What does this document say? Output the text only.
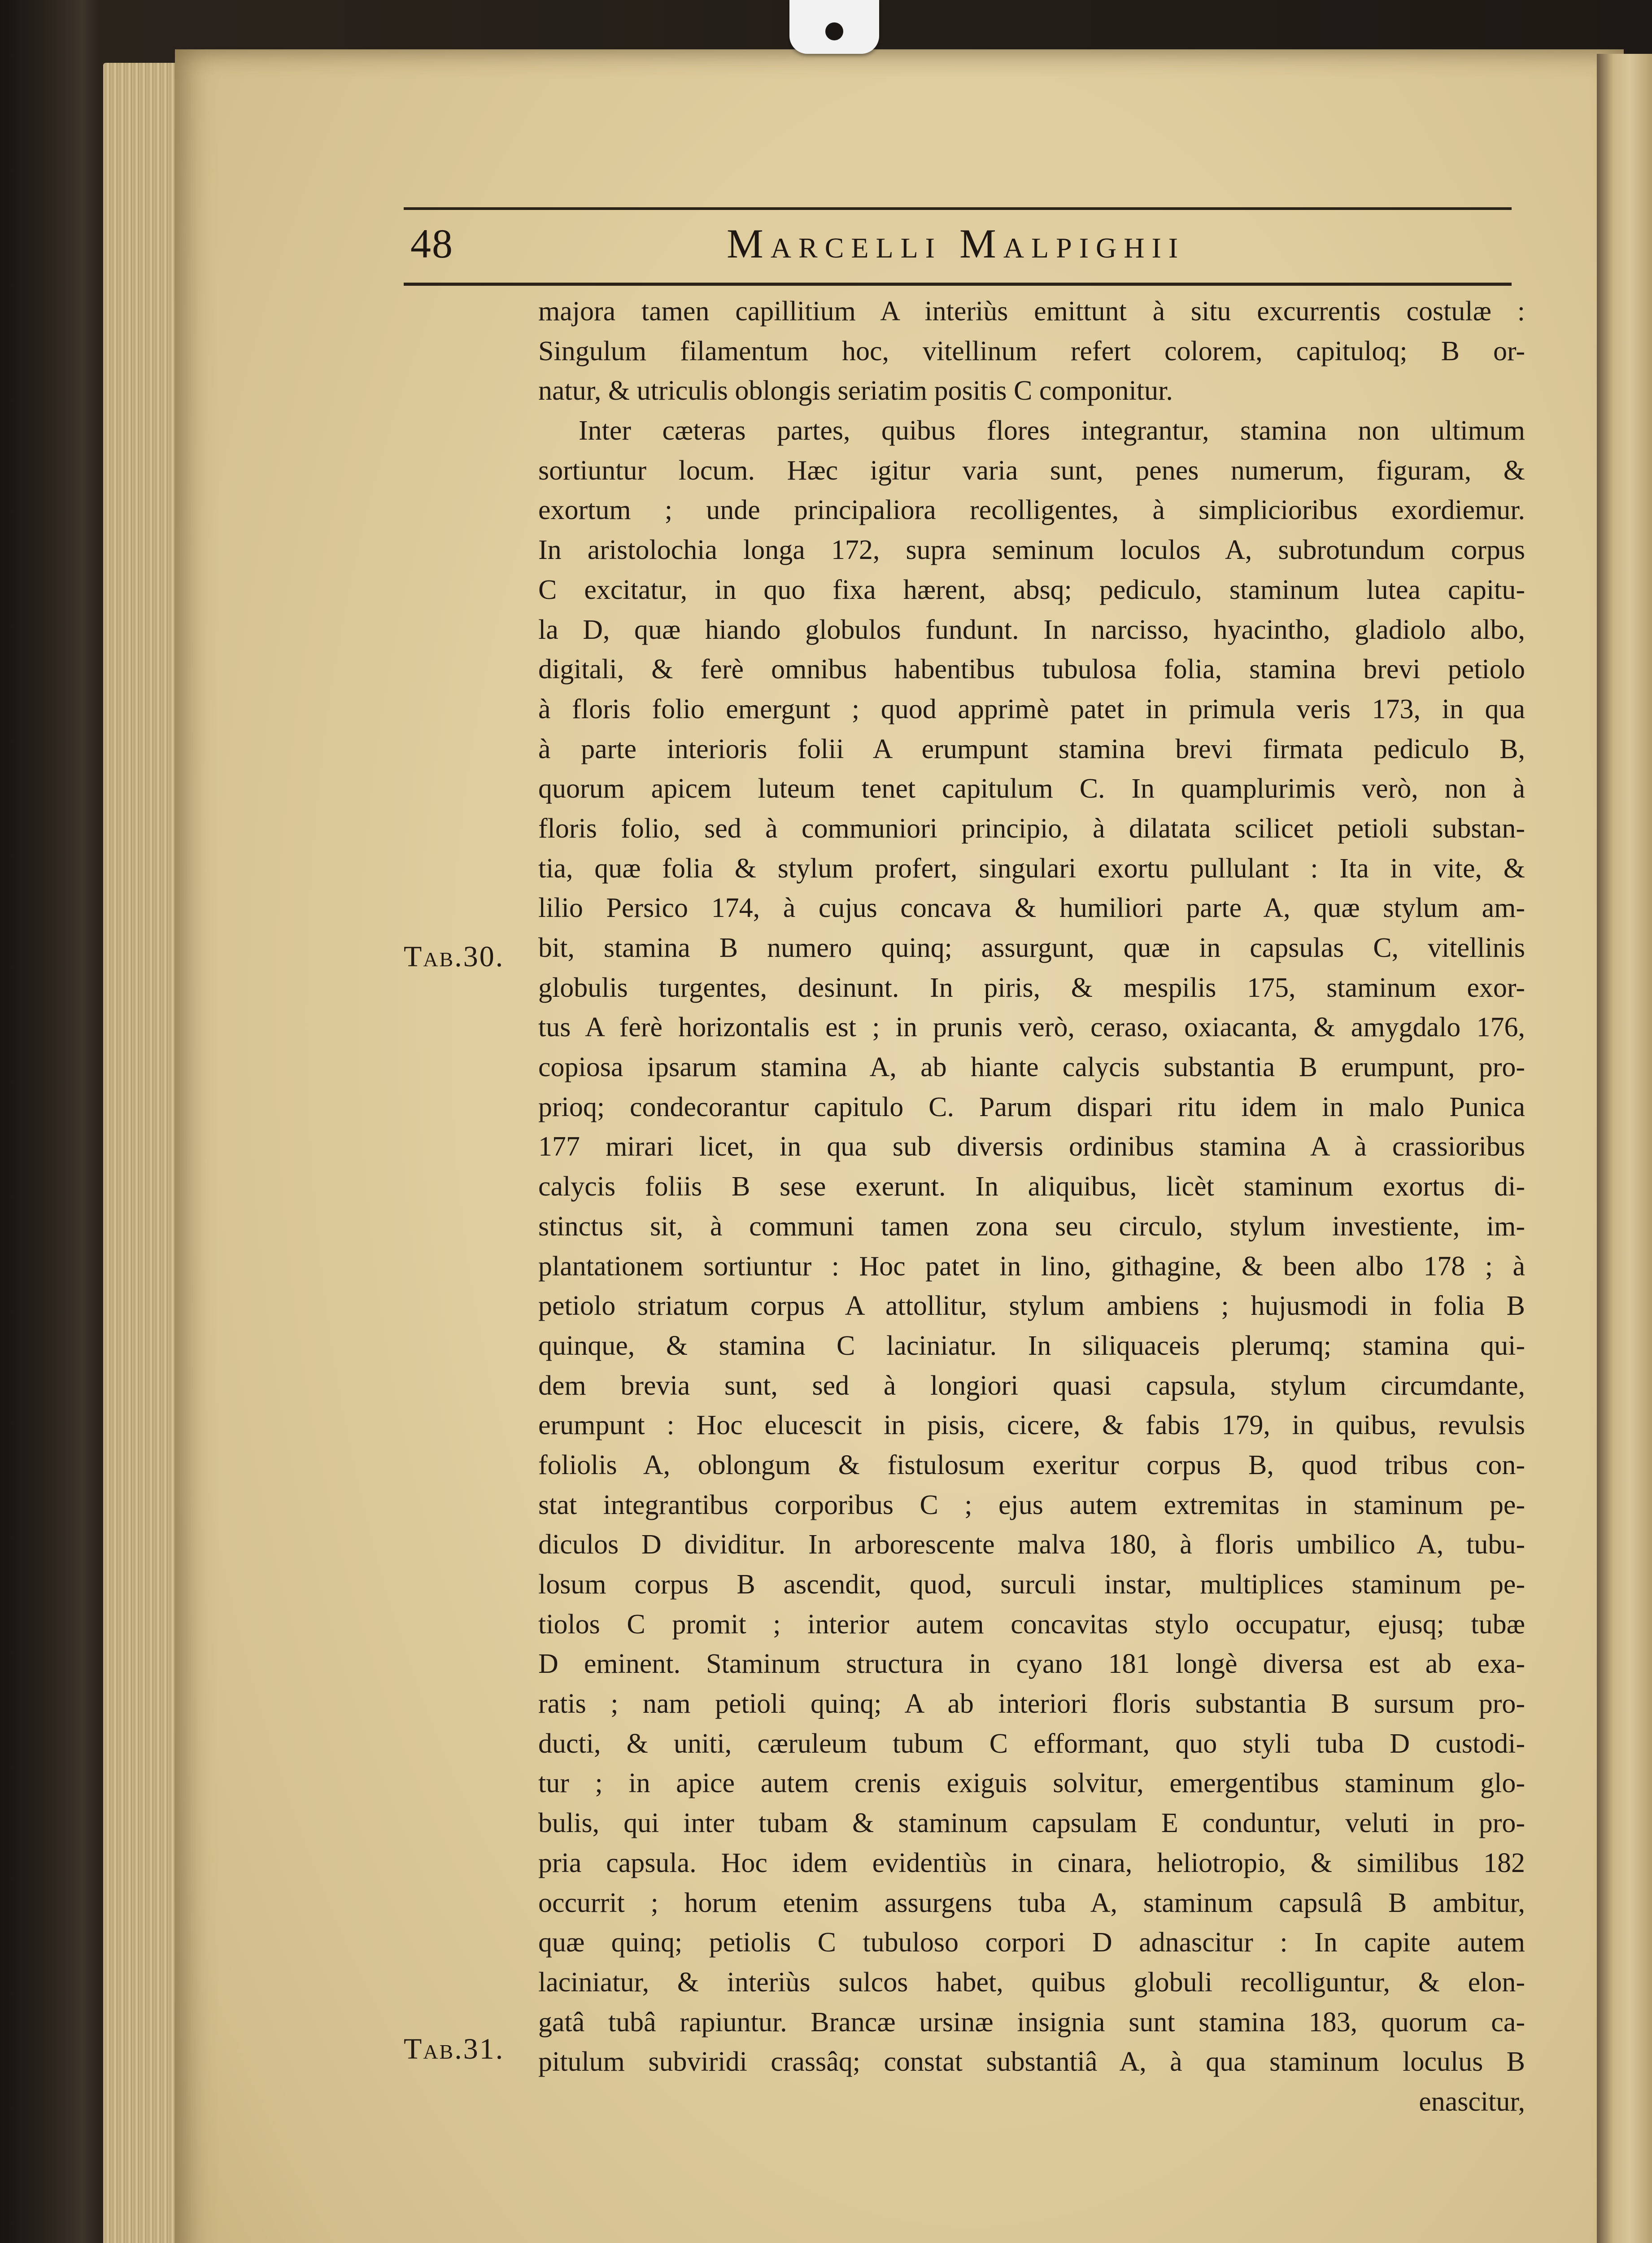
48	Marcelli Malpighii
Tab.30.
Tab.31.
majora tamen capillitium A interiùs emittunt à situ excurrentis costulæ :
Singulum filamentum hoc, vitellinum refert colorem, capituloq; B or-
natur, & utriculis oblongis seriatim positis C componitur.
Inter cæteras partes, quibus flores integrantur, stamina non ultimum
sortiuntur locum. Hæc igitur varia sunt, penes numerum, figuram, &
exortum ; unde principaliora recolligentes, à simplicioribus exordiemur.
In aristolochia longa 172, supra seminum loculos A, subrotundum corpus
C excitatur, in quo fixa hærent, absq; pediculo, staminum lutea capitu-
la D, quæ hiando globulos fundunt. In narcisso, hyacintho, gladiolo albo,
digitali, & ferè omnibus habentibus tubulosa folia, stamina brevi petiolo
à floris folio emergunt ; quod apprimè patet in primula veris 173, in qua
à parte interioris folii A erumpunt stamina brevi firmata pediculo B,
quorum apicem luteum tenet capitulum C. In quamplurimis verò, non à
floris folio, sed à communiori principio, à dilatata scilicet petioli substan-
tia, quæ folia & stylum profert, singulari exortu pullulant : Ita in vite, &
lilio Persico 174, à cujus concava & humiliori parte A, quæ stylum am-
bit, stamina B numero quinq; assurgunt, quæ in capsulas C, vitellinis
globulis turgentes, desinunt. In piris, & mespilis 175, staminum exor-
tus A ferè horizontalis est ; in prunis verò, ceraso, oxiacanta, & amygdalo 176,
copiosa ipsarum stamina A, ab hiante calycis substantia B erumpunt, pro-
prioq; condecorantur capitulo C. Parum dispari ritu idem in malo Punica
177 mirari licet, in qua sub diversis ordinibus stamina A à crassioribus
calycis foliis B sese exerunt. In aliquibus, licèt staminum exortus di-
stinctus sit, à communi tamen zona seu circulo, stylum investiente, im-
plantationem sortiuntur : Hoc patet in lino, githagine, & been albo 178 ; à
petiolo striatum corpus A attollitur, stylum ambiens ; hujusmodi in folia B
quinque, & stamina C laciniatur. In siliquaceis plerumq; stamina qui-
dem brevia sunt, sed à longiori quasi capsula, stylum circumdante,
erumpunt : Hoc elucescit in pisis, cicere, & fabis 179, in quibus, revulsis
foliolis A, oblongum & fistulosum exeritur corpus B, quod tribus con-
stat integrantibus corporibus C ; ejus autem extremitas in staminum pe-
diculos D dividitur. In arborescente malva 180, à floris umbilico A, tubu-
losum corpus B ascendit, quod, surculi instar, multiplices staminum pe-
tiolos C promit ; interior autem concavitas stylo occupatur, ejusq; tubæ
D eminent. Staminum structura in cyano 181 longè diversa est ab exa-
ratis ; nam petioli quinq; A ab interiori floris substantia B sursum pro-
ducti, & uniti, cæruleum tubum C efformant, quo styli tuba D custodi-
tur ; in apice autem crenis exiguis solvitur, emergentibus staminum glo-
bulis, qui inter tubam & staminum capsulam E conduntur, veluti in pro-
pria capsula. Hoc idem evidentiùs in cinara, heliotropio, & similibus 182
occurrit ; horum etenim assurgens tuba A, staminum capsulâ B ambitur,
quæ quinq; petiolis C tubuloso corpori D adnascitur : In capite autem
laciniatur, & interiùs sulcos habet, quibus globuli recolliguntur, & elon-
gatâ tubâ rapiuntur. Brancæ ursinæ insignia sunt stamina 183, quorum ca-
pitulum subviridi crassâq; constat substantiâ A, à qua staminum loculus B
enascitur,
